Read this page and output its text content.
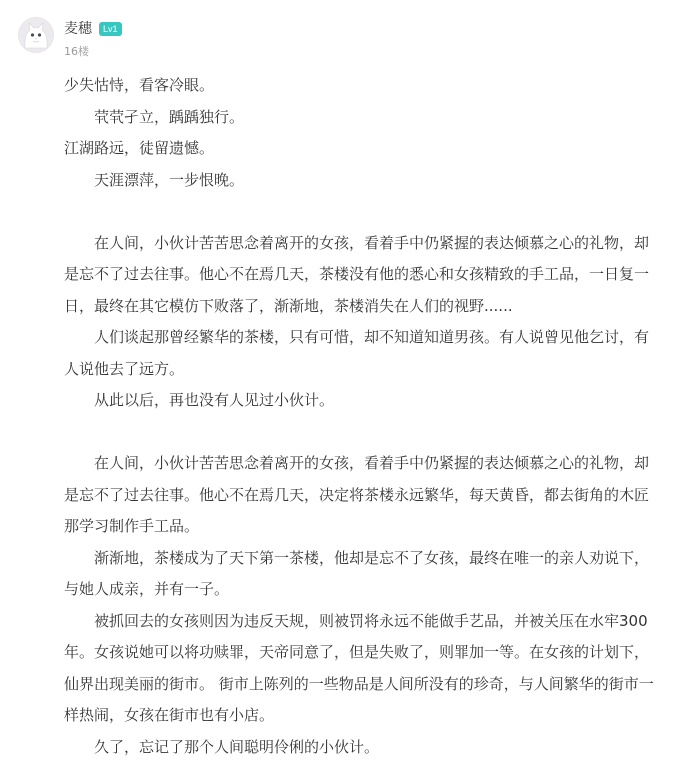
麦穗	Lv1
16楼

少失怙恃，看客冷眼。

　　茕茕孑立，踽踽独行。

江湖路远，徒留遗憾。

　　天涯漂萍，一步恨晚。

　　在人间，小伙计苦苦思念着离开的女孩，看着手中仍紧握的表达倾慕之心的礼物，却是忘不了过去往事。他心不在焉几天，茶楼没有他的悉心和女孩精致的手工品，一日复一日，最终在其它模仿下败落了，渐渐地，茶楼消失在人们的视野......

　　人们谈起那曾经繁华的茶楼，只有可惜，却不知道知道男孩。有人说曾见他乞讨，有人说他去了远方。

　　从此以后，再也没有人见过小伙计。

　　在人间，小伙计苦苦思念着离开的女孩，看着手中仍紧握的表达倾慕之心的礼物，却是忘不了过去往事。他心不在焉几天，决定将茶楼永远繁华，每天黄昏，都去街角的木匠那学习制作手工品。

　　渐渐地，茶楼成为了天下第一茶楼，他却是忘不了女孩，最终在唯一的亲人劝说下，与她人成亲，并有一子。

　　被抓回去的女孩则因为违反天规，则被罚将永远不能做手艺品，并被关压在水牢300年。女孩说她可以将功赎罪，天帝同意了，但是失败了，则罪加一等。在女孩的计划下，仙界出现美丽的街市。 街市上陈列的一些物品是人间所没有的珍奇，与人间繁华的街市一样热闹，女孩在街市也有小店。

　　久了，忘记了那个人间聪明伶俐的小伙计。
